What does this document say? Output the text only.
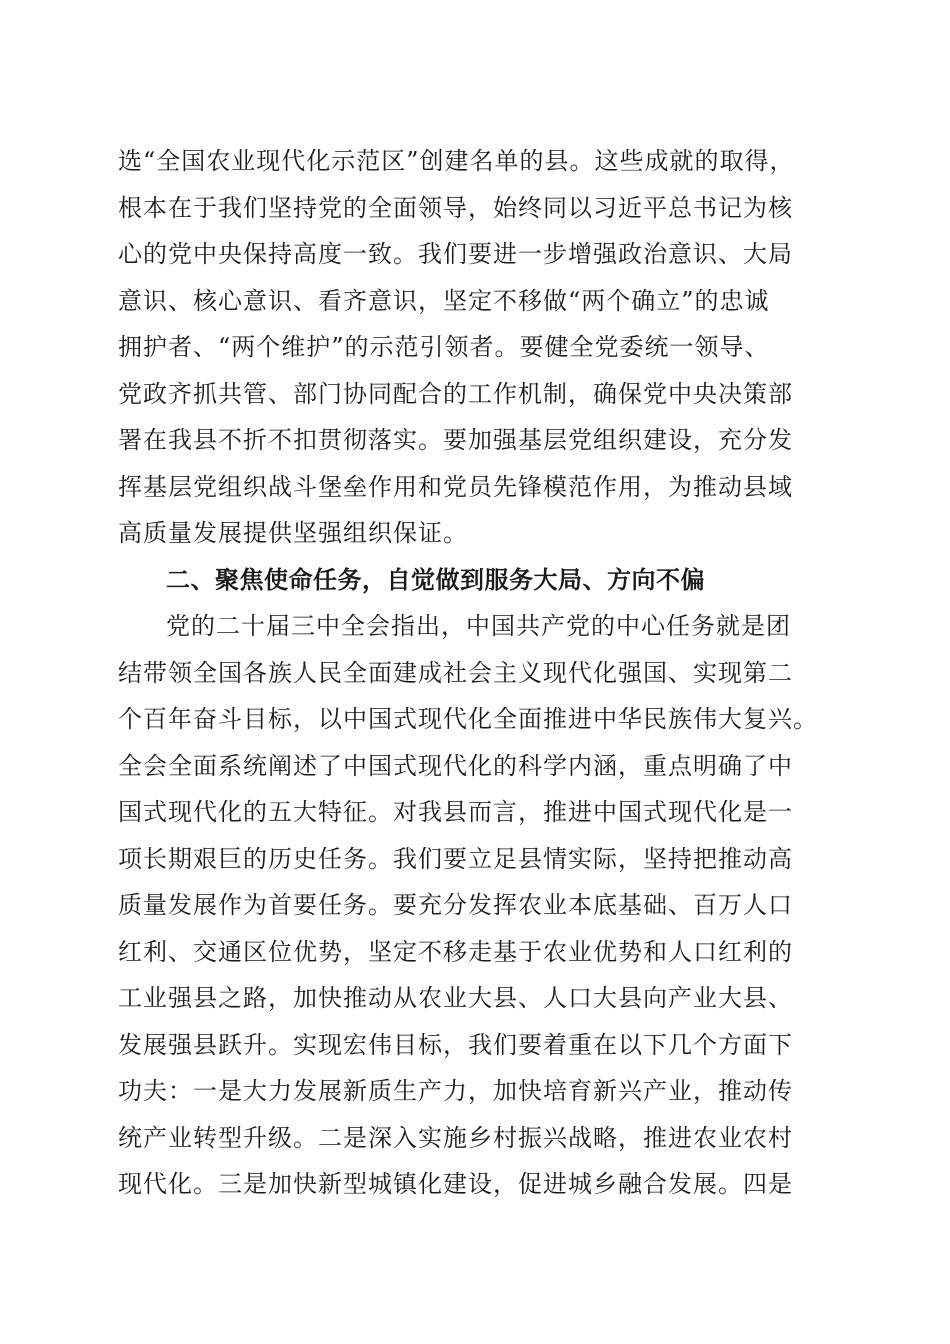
选“全国农业现代化示范区”创建名单的县。这些成就的取得，
根本在于我们坚持党的全面领导，始终同以习近平总书记为核
心的党中央保持高度一致。我们要进一步增强政治意识、大局
意识、核心意识、看齐意识，坚定不移做“两个确立”的忠诚
拥护者、“两个维护”的示范引领者。要健全党委统一领导、
党政齐抓共管、部门协同配合的工作机制，确保党中央决策部
署在我县不折不扣贯彻落实。要加强基层党组织建设，充分发
挥基层党组织战斗堡垒作用和党员先锋模范作用，为推动县域
高质量发展提供坚强组织保证。
二、聚焦使命任务，自觉做到服务大局、方向不偏
党的二十届三中全会指出，中国共产党的中心任务就是团
结带领全国各族人民全面建成社会主义现代化强国、实现第二
个百年奋斗目标，以中国式现代化全面推进中华民族伟大复兴。
全会全面系统阐述了中国式现代化的科学内涵，重点明确了中
国式现代化的五大特征。对我县而言，推进中国式现代化是一
项长期艰巨的历史任务。我们要立足县情实际，坚持把推动高
质量发展作为首要任务。要充分发挥农业本底基础、百万人口
红利、交通区位优势，坚定不移走基于农业优势和人口红利的
工业强县之路，加快推动从农业大县、人口大县向产业大县、
发展强县跃升。实现宏伟目标，我们要着重在以下几个方面下
功夫：一是大力发展新质生产力，加快培育新兴产业，推动传
统产业转型升级。二是深入实施乡村振兴战略，推进农业农村
现代化。三是加快新型城镇化建设，促进城乡融合发展。四是
